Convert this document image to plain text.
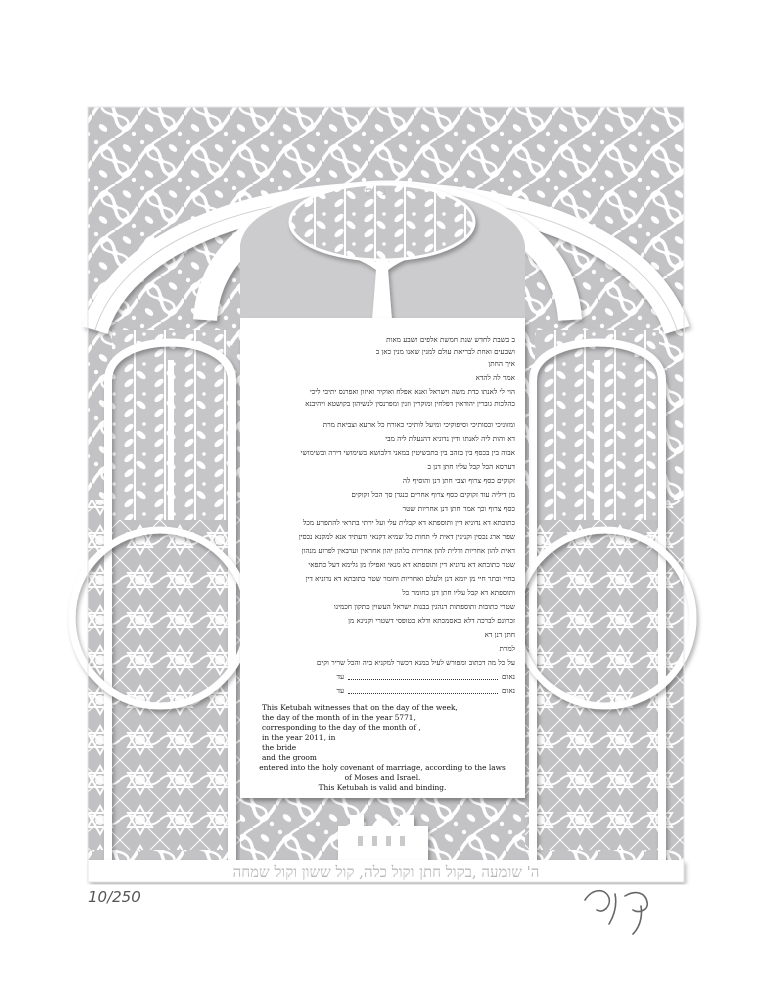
ה' שומעה ,בקול חתן וקול כלה, קול ששון וקול שמחה
ב בשבת לחדש שנת חמשת אלפים ושבע מאות
ושבעים ואחת לבריאת עולם למנין שאנו מנין כאן ב
איך החתן
אמר לה להדא
הוי לי לאנתו כדת משה וישראל ואנא אפלח ואוקיר ואיזון ואפרנס יתיכי ליכי
כהלכות גוברין יהודאין דפלחין ומוקרין וזנין ומפרנסין לנשיהון בקושטא ויהיבנא
ומזוניכי וכסותיכי וסיפוקיכי ומיעל לותיכי כאורח כל ארעא וצביאת מרת
דא והות ליה לאנתו ודין נדוניא דהנעלת ליה מבי
אבוה בין בכסף בין בזהב בין בתכשיטין במאני דלבושא בשימושי דירה ובשימושי
דערסא הכל קבל עליו חתן דנן ב
זקוקים כסף צרוף וצבי חתן דנן והוסיף לה
מן דיליה עוד זקוקים כסף צרוף אחרים כנגדן סך הכל זקוקים
כסף צרוף וכך אמר חתן דנן אחריות שטר
כתובתא דא נדוניא דין ותוספתא דא קבלית עלי ועל ירתי בתראי להתפרע מכל
שפר ארג נכסין וקנינין דאית לי תחות כל שמיא דקנאי ודעתיד אנא למקנא נכסין
דאית להון אחריות ודלית להון אחריות כלהון יהון אחראין וערבאין לפרוע מנהון
שטר כתובתא דא נדוניא דין ותוספתא דא מנאי ואפילו מן גלימא דעל כתפאי
בחיי ובתר חיי מן יומא דנן ולעלם ואחריות וחומר שטר כתובתא דא נדוניא דין
ותוספתא דא קבל עליו חתן דנן כחומר כל
שטרי כתובות ותוספתות דנהגין בבנות ישראל העשוין כתקון חכמינו
זכרונם לברכה דלא כאסמכתא ודלא כטופסי דשטרי וקנינא מן
חתן דנן דא
למרת
על כל מה דכתוב ומפורש לעיל במנא דכשר למקניא ביה והכל שריר וקים
נאוםעד
נאוםעד
This Ketubah witnesses that on the day of the week,
the day of the month of in the year 5771,
corresponding to the day of the month of ,
in the year 2011, in
the bride
and the groom
entered into the holy covenant of marriage, according to the laws
of Moses and Israel.
This Ketubah is valid and binding.
ניס
10/250
